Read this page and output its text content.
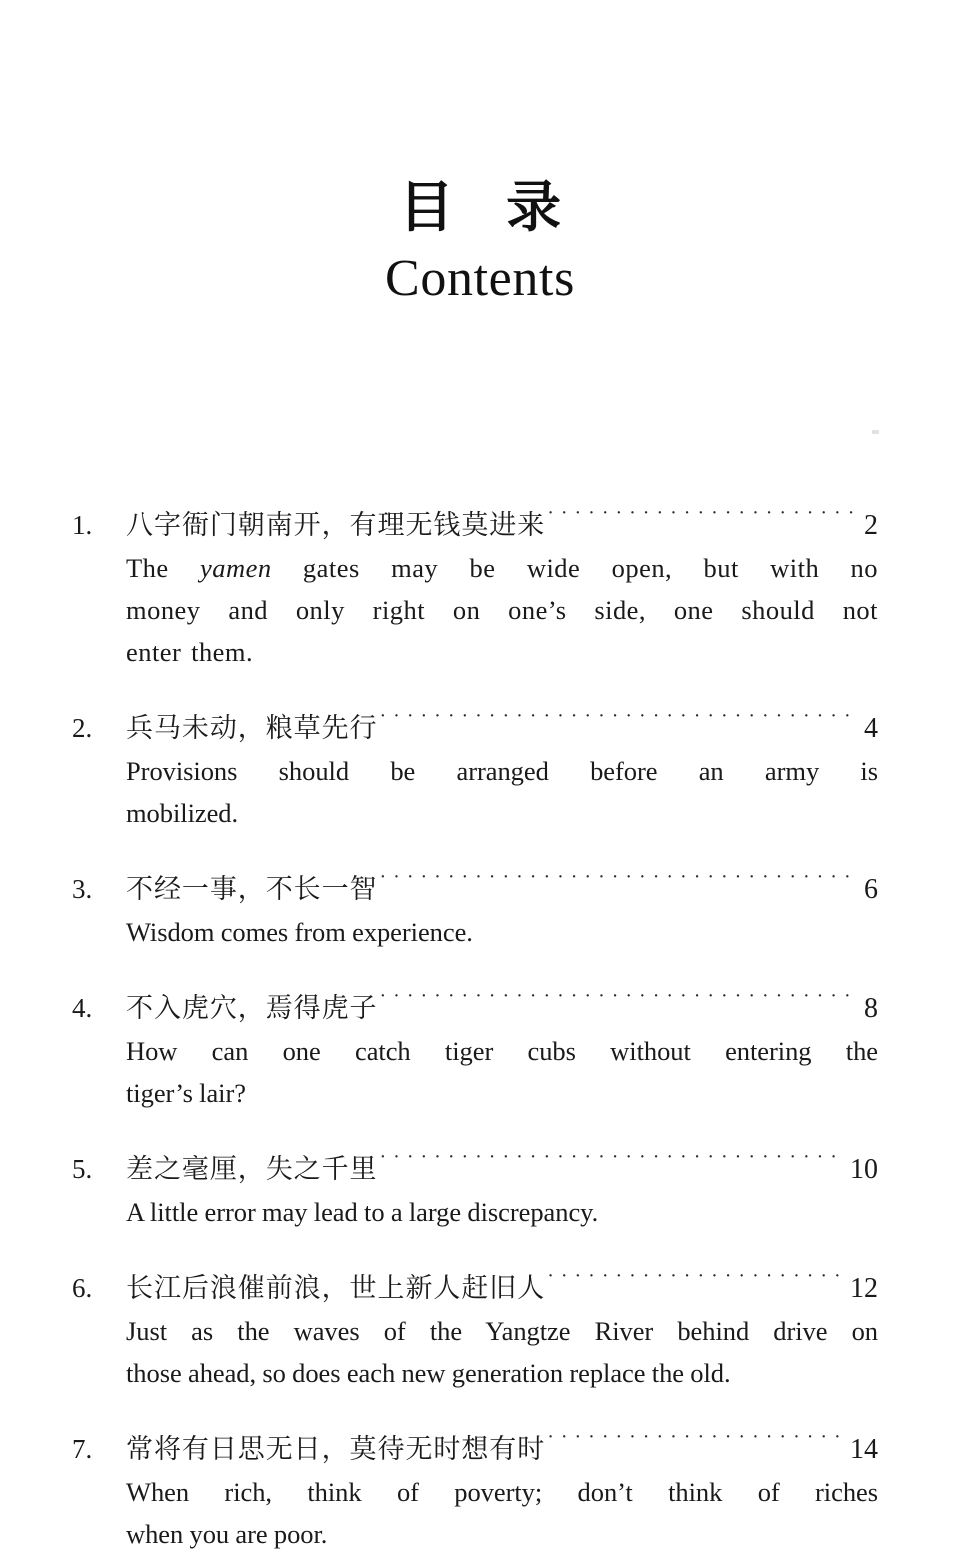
目 录
Contents
1.	八字衙门朝南开，有理无钱莫进来 · · ·	2
The yamen gates may be wide open, but with no
money and only right on one’s side, one should not
enter them.
2.	兵马未动，粮草先行 · · ·	4
Provisions should be arranged before an army is
mobilized.
3.	不经一事，不长一智 · · ·	6
Wisdom comes from experience.
4.	不入虎穴，焉得虎子 · · ·	8
How can one catch tiger cubs without entering the
tiger’s lair?
5.	差之毫厘，失之千里 · · ·	10
A little error may lead to a large discrepancy.
6.	长江后浪催前浪，世上新人赶旧人 · · ·	12
Just as the waves of the Yangtze River behind drive on
those ahead, so does each new generation replace the old.
7.	常将有日思无日，莫待无时想有时 · · ·	14
When rich, think of poverty; don’t think of riches
when you are poor.
